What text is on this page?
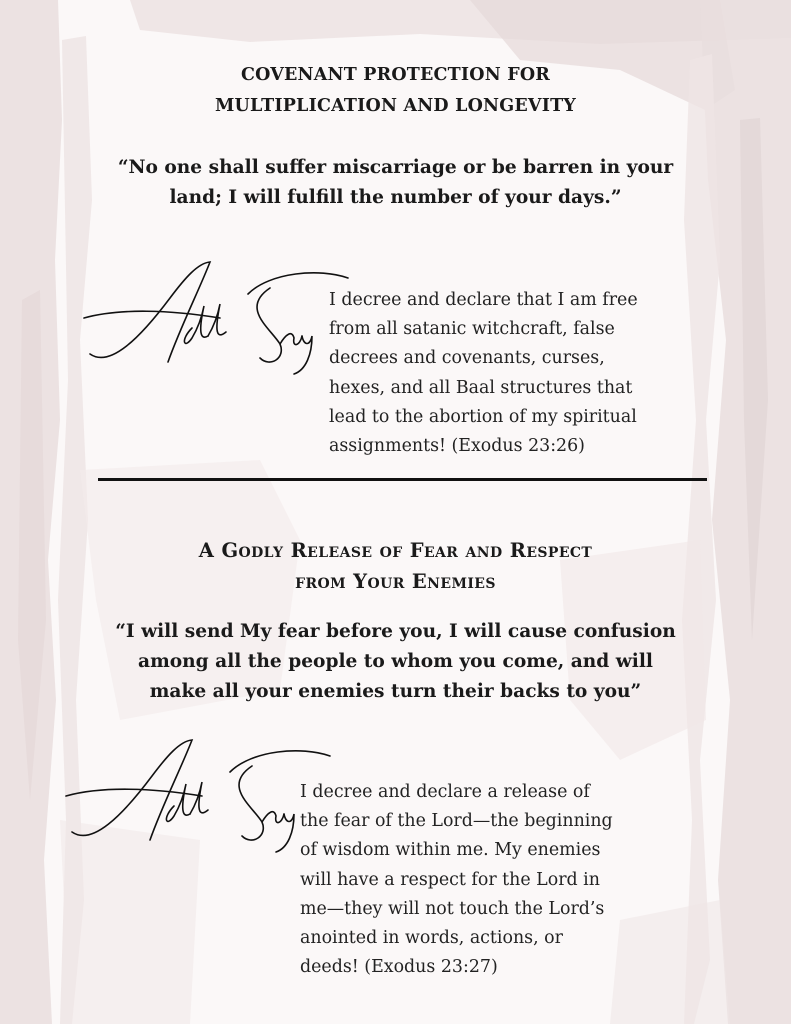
COVENANT PROTECTION FOR
MULTIPLICATION AND LONGEVITY
“No one shall suffer miscarriage or be barren in your
land; I will fulfill the number of your days.”
I decree and declare that I am free
from all satanic witchcraft, false
decrees and covenants, curses,
hexes, and all Baal structures that
lead to the abortion of my spiritual
assignments! (Exodus 23:26)
A Godly Release of Fear and Respect
from Your Enemies
“I will send My fear before you, I will cause confusion
among all the people to whom you come, and will
make all your enemies turn their backs to you”
I decree and declare a release of
the fear of the Lord—the beginning
of wisdom within me. My enemies
will have a respect for the Lord in
me—they will not touch the Lord’s
anointed in words, actions, or
deeds! (Exodus 23:27)
